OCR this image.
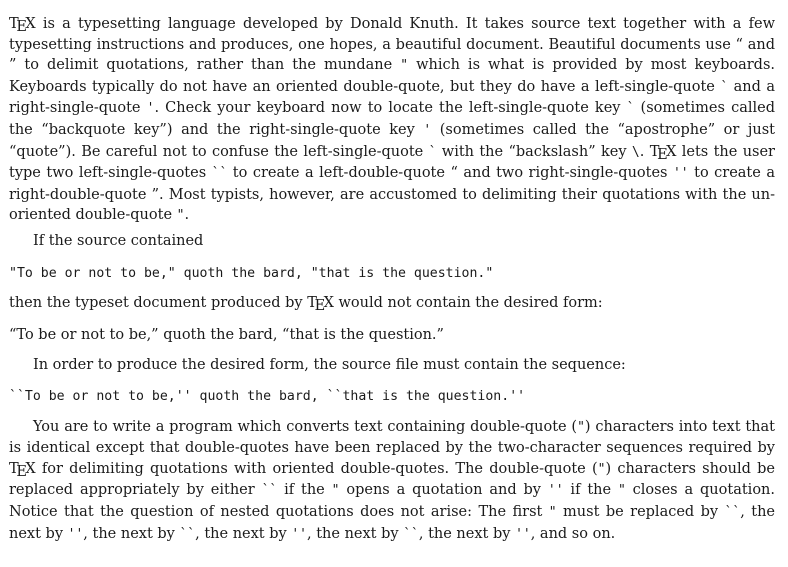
TEX is a typesetting language developed by Donald Knuth. It takes source text together with a few typesetting instructions and produces, one hopes, a beautiful document. Beautiful documents use “ and ” to delimit quotations, rather than the mundane " which is what is provided by most keyboards. Keyboards typically do not have an oriented double-quote, but they do have a left-single-quote ` and a right-single-quote '. Check your keyboard now to locate the left-single-quote key ` (sometimes called the “backquote key”) and the right-single-quote key ' (sometimes called the “apostrophe” or just “quote”). Be careful not to confuse the left-single-quote ` with the “backslash” key \. TEX lets the user type two left-single-quotes `` to create a left-double-quote “ and two right-single-quotes '' to create a right-double-quote ”. Most typists, however, are accustomed to delimiting their quotations with the un-oriented double-quote ".

If the source contained

"To be or not to be," quoth the bard, "that is the question."

then the typeset document produced by TEX would not contain the desired form:

“To be or not to be,” quoth the bard, “that is the question.”

In order to produce the desired form, the source file must contain the sequence:

``To be or not to be,'' quoth the bard, ``that is the question.''

You are to write a program which converts text containing double-quote (") characters into text that is identical except that double-quotes have been replaced by the two-character sequences required by TEX for delimiting quotations with oriented double-quotes. The double-quote (") characters should be replaced appropriately by either `` if the " opens a quotation and by '' if the " closes a quotation. Notice that the question of nested quotations does not arise: The first " must be replaced by ``, the next by '', the next by ``, the next by '', the next by ``, the next by '', and so on.
